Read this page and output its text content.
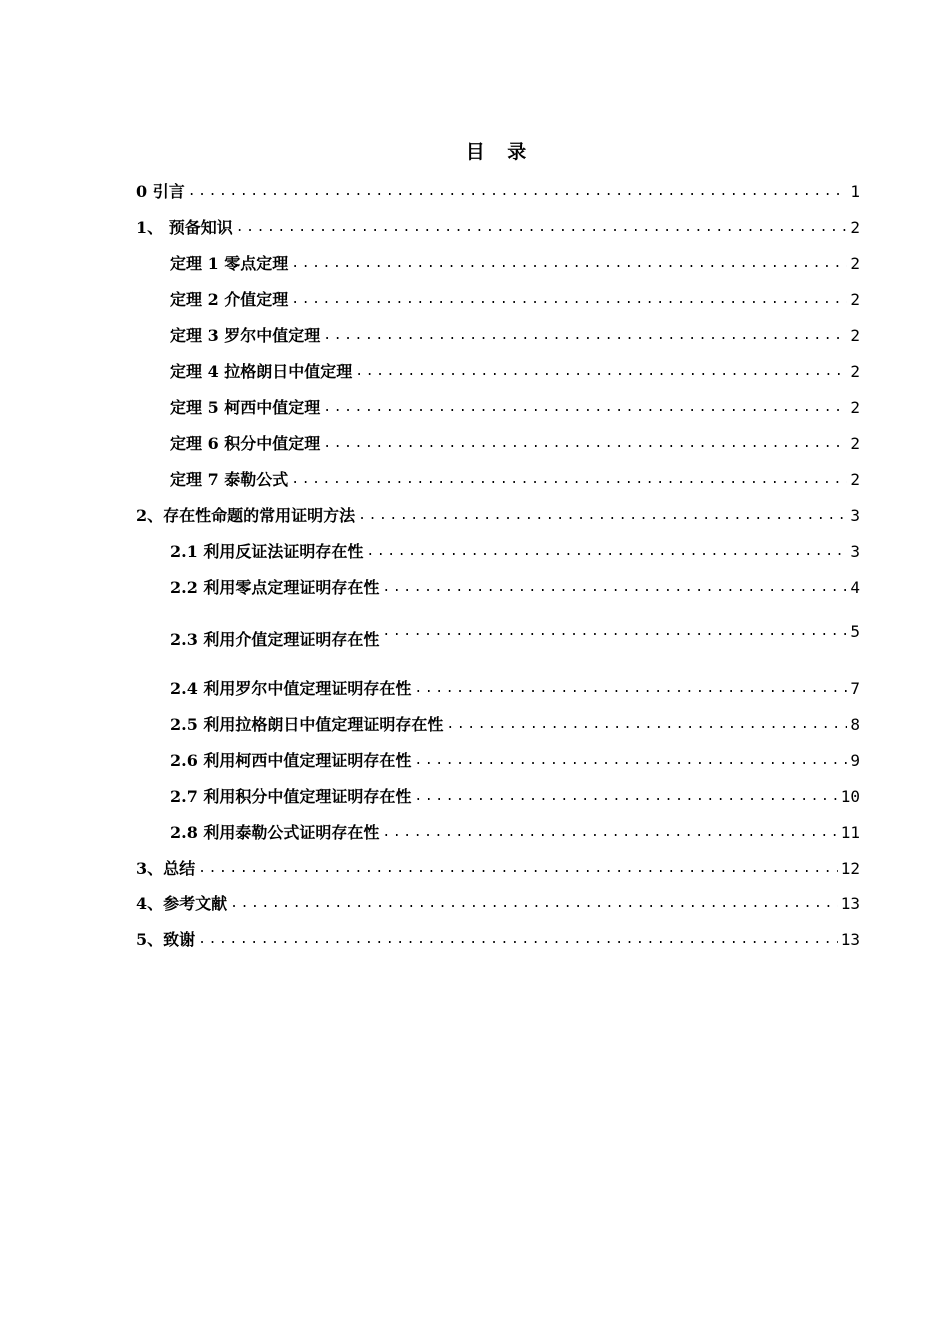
目 录
0 引言 .....	1
1、 预备知识 .....	2
定理 1 零点定理 .....	2
定理 2 介值定理 .....	2
定理 3 罗尔中值定理 .....	2
定理 4 拉格朗日中值定理 .....	2
定理 5 柯西中值定理 .....	2
定理 6 积分中值定理 .....	2
定理 7 泰勒公式 .....	2
2、存在性命题的常用证明方法 .....	3
2.1 利用反证法证明存在性 .....	3
2.2 利用零点定理证明存在性 .....	4
2.3 利用介值定理证明存在性 .....	5
2.4 利用罗尔中值定理证明存在性 .....	7
2.5 利用拉格朗日中值定理证明存在性 .....	8
2.6 利用柯西中值定理证明存在性 .....	9
2.7 利用积分中值定理证明存在性 .....	10
2.8 利用泰勒公式证明存在性 .....	11
3、总结 .....	12
4、参考文献 .....	13
5、致谢 .....	13
